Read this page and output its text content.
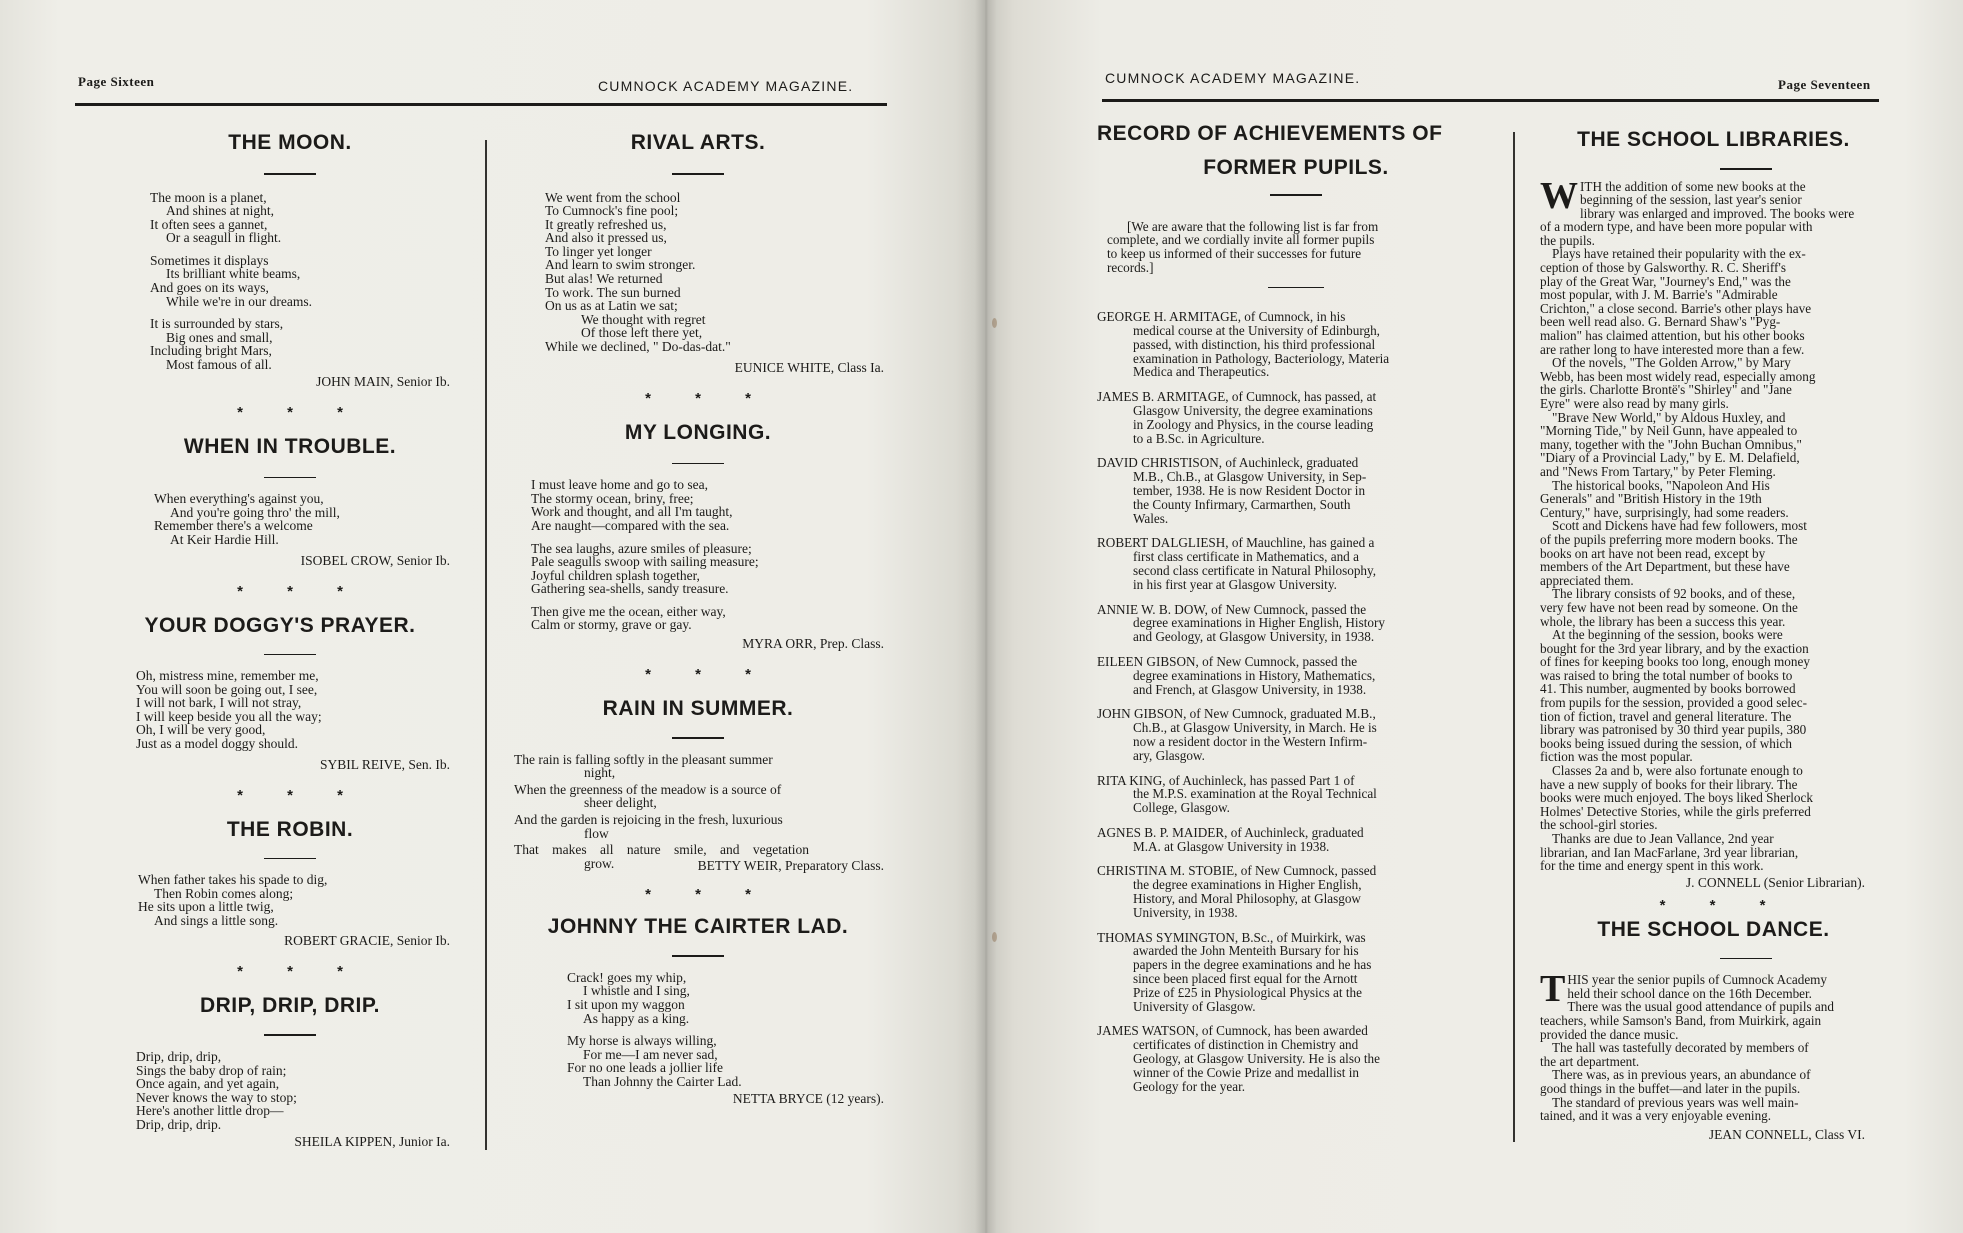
Page Sixteen	CUMNOCK ACADEMY MAGAZINE.
THE MOON.
The moon is a planet,
And shines at night,
It often sees a gannet,
Or a seagull in flight.
Sometimes it displays
Its brilliant white beams,
And goes on its ways,
While we're in our dreams.
It is surrounded by stars,
Big ones and small,
Including bright Mars,
Most famous of all.
JOHN MAIN, Senior Ib.
* * *
WHEN IN TROUBLE.
When everything's against you,
And you're going thro' the mill,
Remember there's a welcome
At Keir Hardie Hill.
ISOBEL CROW, Senior Ib.
* * *
YOUR DOGGY'S PRAYER.
Oh, mistress mine, remember me,
You will soon be going out, I see,
I will not bark, I will not stray,
I will keep beside you all the way;
Oh, I will be very good,
Just as a model doggy should.
SYBIL REIVE, Sen. Ib.
* * *
THE ROBIN.
When father takes his spade to dig,
Then Robin comes along;
He sits upon a little twig,
And sings a little song.
ROBERT GRACIE, Senior Ib.
* * *
DRIP, DRIP, DRIP.
Drip, drip, drip,
Sings the baby drop of rain;
Once again, and yet again,
Never knows the way to stop;
Here's another little drop—
Drip, drip, drip.
SHEILA KIPPEN, Junior Ia.
RIVAL ARTS.
We went from the school
To Cumnock's fine pool;
It greatly refreshed us,
And also it pressed us,
To linger yet longer
And learn to swim stronger.
But alas! We returned
To work. The sun burned
On us as at Latin we sat;
We thought with regret
Of those left there yet,
While we declined, " Do-das-dat."
EUNICE WHITE, Class Ia.
* * *
MY LONGING.
I must leave home and go to sea,
The stormy ocean, briny, free;
Work and thought, and all I'm taught,
Are naught—compared with the sea.
The sea laughs, azure smiles of pleasure;
Pale seagulls swoop with sailing measure;
Joyful children splash together,
Gathering sea-shells, sandy treasure.
Then give me the ocean, either way,
Calm or stormy, grave or gay.
MYRA ORR, Prep. Class.
* * *
RAIN IN SUMMER.
The rain is falling softly in the pleasant summer
night,
When the greenness of the meadow is a source of
sheer delight,
And the garden is rejoicing in the fresh, luxurious
flow
That makes all nature smile, and vegetation
grow.	BETTY WEIR, Preparatory Class.
* * *
JOHNNY THE CAIRTER LAD.
Crack! goes my whip,
I whistle and I sing,
I sit upon my waggon
As happy as a king.
My horse is always willing,
For me—I am never sad,
For no one leads a jollier life
Than Johnny the Cairter Lad.
NETTA BRYCE (12 years).
CUMNOCK ACADEMY MAGAZINE.	Page Seventeen
RECORD OF ACHIEVEMENTS OF
FORMER PUPILS.
[We are aware that the following list is far from
complete, and we cordially invite all former pupils
to keep us informed of their successes for future
records.]
GEORGE H. ARMITAGE, of Cumnock, in his
medical course at the University of Edinburgh,
passed, with distinction, his third professional
examination in Pathology, Bacteriology, Materia
Medica and Therapeutics.
JAMES B. ARMITAGE, of Cumnock, has passed, at
Glasgow University, the degree examinations
in Zoology and Physics, in the course leading
to a B.Sc. in Agriculture.
DAVID CHRISTISON, of Auchinleck, graduated
M.B., Ch.B., at Glasgow University, in Sep-
tember, 1938. He is now Resident Doctor in
the County Infirmary, Carmarthen, South
Wales.
ROBERT DALGLIESH, of Mauchline, has gained a
first class certificate in Mathematics, and a
second class certificate in Natural Philosophy,
in his first year at Glasgow University.
ANNIE W. B. DOW, of New Cumnock, passed the
degree examinations in Higher English, History
and Geology, at Glasgow University, in 1938.
EILEEN GIBSON, of New Cumnock, passed the
degree examinations in History, Mathematics,
and French, at Glasgow University, in 1938.
JOHN GIBSON, of New Cumnock, graduated M.B.,
Ch.B., at Glasgow University, in March. He is
now a resident doctor in the Western Infirm-
ary, Glasgow.
RITA KING, of Auchinleck, has passed Part 1 of
the M.P.S. examination at the Royal Technical
College, Glasgow.
AGNES B. P. MAIDER, of Auchinleck, graduated
M.A. at Glasgow University in 1938.
CHRISTINA M. STOBIE, of New Cumnock, passed
the degree examinations in Higher English,
History, and Moral Philosophy, at Glasgow
University, in 1938.
THOMAS SYMINGTON, B.Sc., of Muirkirk, was
awarded the John Menteith Bursary for his
papers in the degree examinations and he has
since been placed first equal for the Arnott
Prize of £25 in Physiological Physics at the
University of Glasgow.
JAMES WATSON, of Cumnock, has been awarded
certificates of distinction in Chemistry and
Geology, at Glasgow University. He is also the
winner of the Cowie Prize and medallist in
Geology for the year.
THE SCHOOL LIBRARIES.
W ITH the addition of some new books at the
beginning of the session, last year's senior
library was enlarged and improved. The books were
of a modern type, and have been more popular with
the pupils.
Plays have retained their popularity with the ex-
ception of those by Galsworthy. R. C. Sheriff's
play of the Great War, "Journey's End," was the
most popular, with J. M. Barrie's "Admirable
Crichton," a close second. Barrie's other plays have
been well read also. G. Bernard Shaw's "Pyg-
malion" has claimed attention, but his other books
are rather long to have interested more than a few.
Of the novels, "The Golden Arrow," by Mary
Webb, has been most widely read, especially among
the girls. Charlotte Brontë's "Shirley" and "Jane
Eyre" were also read by many girls.
"Brave New World," by Aldous Huxley, and
"Morning Tide," by Neil Gunn, have appealed to
many, together with the "John Buchan Omnibus,"
"Diary of a Provincial Lady," by E. M. Delafield,
and "News From Tartary," by Peter Fleming.
The historical books, "Napoleon And His
Generals" and "British History in the 19th
Century," have, surprisingly, had some readers.
Scott and Dickens have had few followers, most
of the pupils preferring more modern books. The
books on art have not been read, except by
members of the Art Department, but these have
appreciated them.
The library consists of 92 books, and of these,
very few have not been read by someone. On the
whole, the library has been a success this year.
At the beginning of the session, books were
bought for the 3rd year library, and by the exaction
of fines for keeping books too long, enough money
was raised to bring the total number of books to
41. This number, augmented by books borrowed
from pupils for the session, provided a good selec-
tion of fiction, travel and general literature. The
library was patronised by 30 third year pupils, 380
books being issued during the session, of which
fiction was the most popular.
Classes 2a and b, were also fortunate enough to
have a new supply of books for their library. The
books were much enjoyed. The boys liked Sherlock
Holmes' Detective Stories, while the girls preferred
the school-girl stories.
Thanks are due to Jean Vallance, 2nd year
librarian, and Ian MacFarlane, 3rd year librarian,
for the time and energy spent in this work.
J. CONNELL (Senior Librarian).
* * *
THE SCHOOL DANCE.
T HIS year the senior pupils of Cumnock Academy
held their school dance on the 16th December.
There was the usual good attendance of pupils and
teachers, while Samson's Band, from Muirkirk, again
provided the dance music.
The hall was tastefully decorated by members of
the art department.
There was, as in previous years, an abundance of
good things in the buffet—and later in the pupils.
The standard of previous years was well main-
tained, and it was a very enjoyable evening.
JEAN CONNELL, Class VI.
